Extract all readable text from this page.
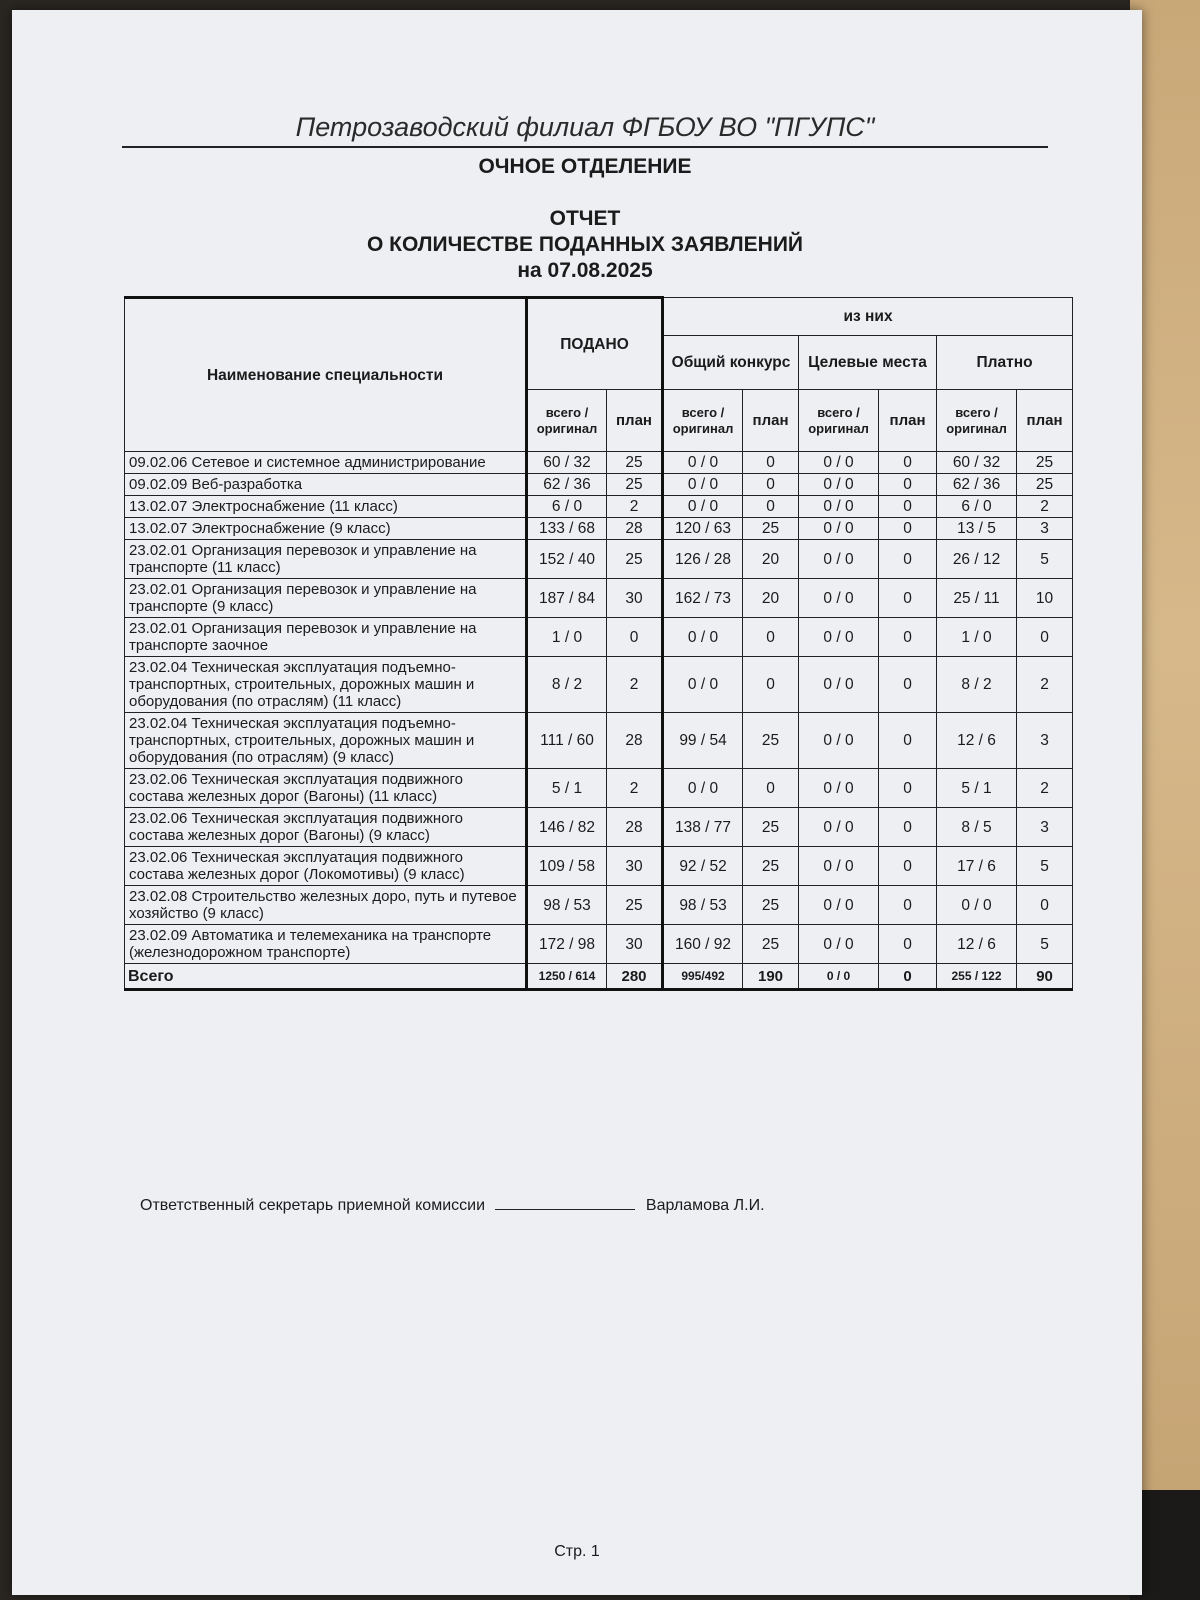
Петрозаводский филиал ФГБОУ ВО "ПГУПС"
ОЧНОЕ ОТДЕЛЕНИЕ
ОТЧЕТ
О КОЛИЧЕСТВЕ ПОДАННЫХ ЗАЯВЛЕНИЙ
на 07.08.2025
Наименование специальности	ПОДАНО		из них					
			Общий конкурс		Целевые места		Платно	
	всего / оригинал	план	всего / оригинал	план	всего / оригинал	план	всего / оригинал	план
09.02.06 Сетевое и системное администрирование	60 / 32	25	0 / 0	0	0 / 0	0	60 / 32	25
09.02.09 Веб-разработка	62 / 36	25	0 / 0	0	0 / 0	0	62 / 36	25
13.02.07 Электроснабжение (11 класс)	6 / 0	2	0 / 0	0	0 / 0	0	6 / 0	2
13.02.07 Электроснабжение (9 класс)	133 / 68	28	120 / 63	25	0 / 0	0	13 / 5	3
23.02.01 Организация перевозок и управление на транспорте (11 класс)	152 / 40	25	126 / 28	20	0 / 0	0	26 / 12	5
23.02.01 Организация перевозок и управление на транспорте (9 класс)	187 / 84	30	162 / 73	20	0 / 0	0	25 / 11	10
23.02.01 Организация перевозок и управление на транспорте заочное	1 / 0	0	0 / 0	0	0 / 0	0	1 / 0	0
23.02.04 Техническая эксплуатация подъемно-транспортных, строительных, дорожных машин и оборудования (по отраслям) (11 класс)	8 / 2	2	0 / 0	0	0 / 0	0	8 / 2	2
23.02.04 Техническая эксплуатация подъемно-транспортных, строительных, дорожных машин и оборудования (по отраслям) (9 класс)	111 / 60	28	99 / 54	25	0 / 0	0	12 / 6	3
23.02.06 Техническая эксплуатация подвижного состава железных дорог (Вагоны) (11 класс)	5 / 1	2	0 / 0	0	0 / 0	0	5 / 1	2
23.02.06 Техническая эксплуатация подвижного состава железных дорог (Вагоны) (9 класс)	146 / 82	28	138 / 77	25	0 / 0	0	8 / 5	3
23.02.06 Техническая эксплуатация подвижного состава железных дорог (Локомотивы) (9 класс)	109 / 58	30	92 / 52	25	0 / 0	0	17 / 6	5
23.02.08 Строительство железных доро, путь и путевое хозяйство (9 класс)	98 / 53	25	98 / 53	25	0 / 0	0	0 / 0	0
23.02.09 Автоматика и телемеханика на транспорте (железнодорожном транспорте)	172 / 98	30	160 / 92	25	0 / 0	0	12 / 6	5
Всего	1250 / 614	280	995/492	190	0 / 0	0	255 / 122	90
Ответственный секретарь приемной комиссии	Варламова Л.И.
Стр. 1
